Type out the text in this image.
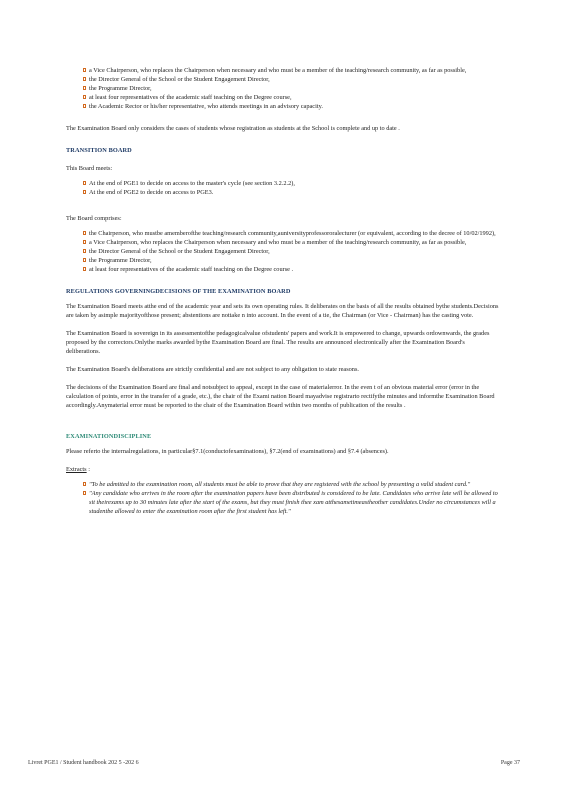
a Vice Chairperson, who replaces the Chairperson when necessary and who must be a member of the teaching/research community, as far as possible,
the Director General of the School or the Student Engagement Director,
the Programme Director,
at least four representatives of the academic staff teaching on the Degree course,
the Academic Rector or his/her representative, who attends meetings in an advisory capacity.

The Examination Board only considers the cases of students whose registration as students at the School is complete and up to date .

TRANSITION BOARD

This Board meets:

At the end of PGE1 to decide on access to the master's cycle (see section 3.2.2.2),
At the end of PGE2 to decide on access to PGE3.

The Board comprises:

the Chairperson, who mustbe amemberofthe teaching/research community,auniversityprofessororalecturer (or equivalent, according to the decree of 10/02/1992),
a Vice Chairperson, who replaces the Chairperson when necessary and who must be a member of the teaching/research community, as far as possible,
the Director General of the School or the Student Engagement Director,
the Programme Director,
at least four representatives of the academic staff teaching on the Degree course .
REGULATIONS GOVERNINGDECISIONS OF THE EXAMINATION BOARD

The Examination Board meets atthe end of the academic year and sets its own operating rules. It deliberates on the basis of all the results obtained bythe students.Decisions are taken by asimple majorityofthose present; abstentions are nottake n into account. In the event of a tie, the Chairman (or Vice - Chairman) has the casting vote.

The Examination Board is sovereign in its assessmentofthe pedagogicalvalue ofstudents' papers and work.It is empowered to change, upwards ordownwards, the grades proposed by the correctors.Onlythe marks awarded bythe Examination Board are final. The results are announced electronically after the Examination Board's deliberations.

The Examination Board's deliberations are strictly confidential and are not subject to any obligation to state reasons.

The decisions of the Examination Board are final and notsubject to appeal, except in the case of materialerror. In the even t of an obvious material error (error in the calculation of points, error in the transfer of a grade, etc.), the chair of the Exami nation Board mayadvise registrarto rectifythe minutes and informthe Examination Board accordingly.Anymaterial error must be reported to the chair of the Examination Board within two months of publication of the results .

EXAMINATIONDISCIPLINE

Please referto the internalregulations, in particular§7.1(conductofexaminations), §7.2(end of examinations) and §7.4 (absences).

Extracts :

"To be admitted to the examination room, all students must be able to prove that they are registered with the school by presenting a valid student card."
"Any candidate who arrives in the room after the examination papers have been distributed is considered to be late. Candidates who arrive late will be allowed to sit theirexams up to 30 minutes late after the start of the exams, but they must finish thee xam atthesametimeastheother candidates.Under no circumstances will a studentbe allowed to enter the examination room after the first student has left."
Livret PGE1 / Student handbook 202 5 -202 6	Page 37
